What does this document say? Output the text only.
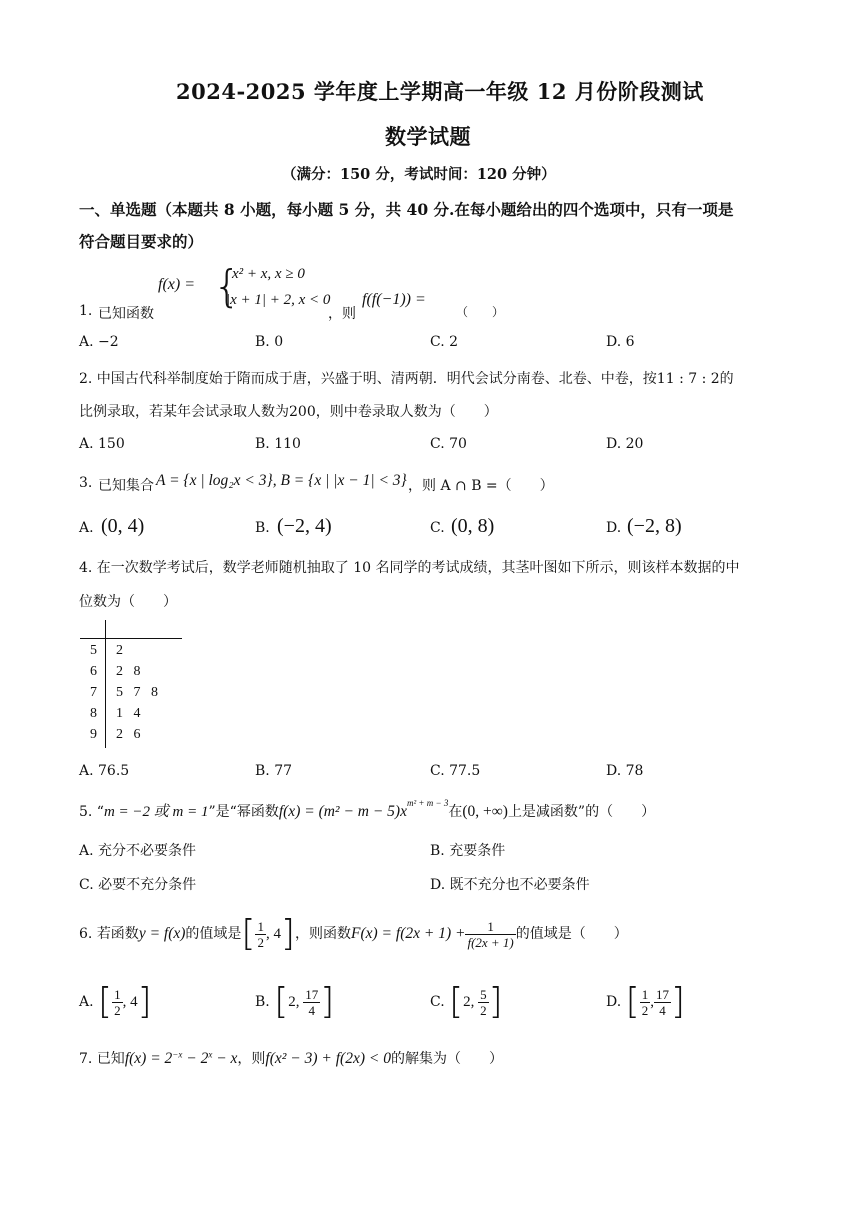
2024-2025 学年度上学期高一年级 12 月份阶段测试
数学试题
（满分：150 分，考试时间：120 分钟）
一、单选题（本题共 8 小题，每小题 5 分，共 40 分.在每小题给出的四个选项中，只有一项是
符合题目要求的）
1. 已知函数
f(x) = {
x² + x, x ≥ 0
|x + 1| + 2, x < 0
，则
f(f(−1)) =
（　　）
A. −2	B. 0	C. 2	D. 6
2. 中国古代科举制度始于隋而成于唐，兴盛于明、清两朝．明代会试分南卷、北卷、中卷，按11 : 7 : 2的
比例录取，若某年会试录取人数为200，则中卷录取人数为（　　）
A. 150	B. 110	C. 70	D. 20
3. 已知集合 A = {x | log₂x < 3}, B = {x | |x − 1| < 3} ，则 A ∩ B =（　　）
A. (0, 4)	B. (−2, 4)	C. (0, 8)	D. (−2, 8)
4. 在一次数学考试后，数学老师随机抽取了 10 名同学的考试成绩，其茎叶图如下所示，则该样本数据的中
位数为（　　）
5 2
6 2   8
7 5   7   8
8 1   4
9 2   6
A. 76.5	B. 77	C. 77.5	D. 78
5. “m = −2 或 m = 1”是“幂函数$f(x) = (m^2 - m - 5)x^{m^2 + m - 3}$在(0, +∞)上是减函数”的（　　）
A. 充分不必要条件	B. 充要条件
C. 必要不充分条件	D. 既不充分也不必要条件
6. 若函数y = f(x)的值域是[ $\frac{1}{2}$ , 4]，则函数$F(x) = f(2x + 1) + \frac{1}{f(2x + 1)}$ 的值域是（　　）
A. [ $\frac{1}{2}$ , 4]	B. [2, $\frac{17}{4}$ ]	C. [2, $\frac{5}{2}$ ]	D. [ $\frac{1}{2}$ , $\frac{17}{4}$ ]
7. 已知$f(x) = 2^{-x} - 2^x - x$，则f(x² − 3) + f(2x) < 0的解集为（　　）
